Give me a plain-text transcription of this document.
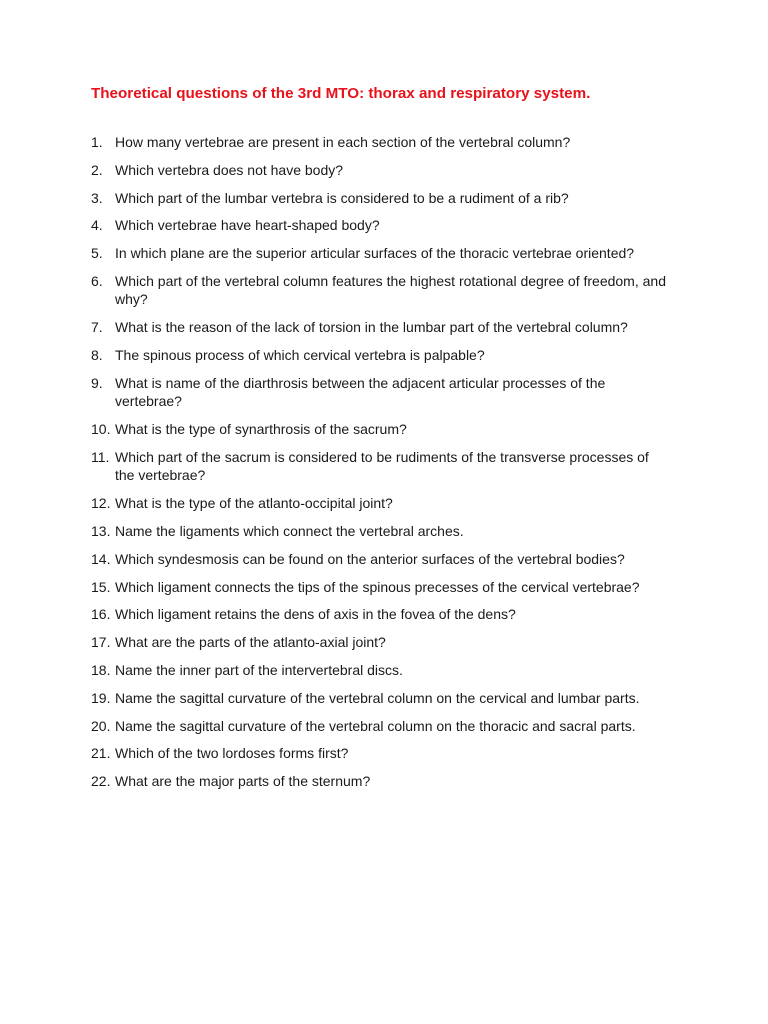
Theoretical questions of the 3rd MTO: thorax and respiratory system.
1. How many vertebrae are present in each section of the vertebral column?
2. Which vertebra does not have body?
3. Which part of the lumbar vertebra is considered to be a rudiment of a rib?
4. Which vertebrae have heart-shaped body?
5. In which plane are the superior articular surfaces of the thoracic vertebrae oriented?
6. Which part of the vertebral column features the highest rotational degree of freedom, and why?
7. What is the reason of the lack of torsion in the lumbar part of the vertebral column?
8. The spinous process of which cervical vertebra is palpable?
9. What is name of the diarthrosis between the adjacent articular processes of the vertebrae?
10. What is the type of synarthrosis of the sacrum?
11. Which part of the sacrum is considered to be rudiments of the transverse processes of the vertebrae?
12. What is the type of the atlanto-occipital joint?
13. Name the ligaments which connect the vertebral arches.
14. Which syndesmosis can be found on the anterior surfaces of the vertebral bodies?
15. Which ligament connects the tips of the spinous precesses of the cervical vertebrae?
16. Which ligament retains the dens of axis in the fovea of the dens?
17. What are the parts of the atlanto-axial joint?
18. Name the inner part of the intervertebral discs.
19. Name the sagittal curvature of the vertebral column on the cervical and lumbar parts.
20. Name the sagittal curvature of the vertebral column on the thoracic and sacral parts.
21. Which of the two lordoses forms first?
22. What are the major parts of the sternum?
